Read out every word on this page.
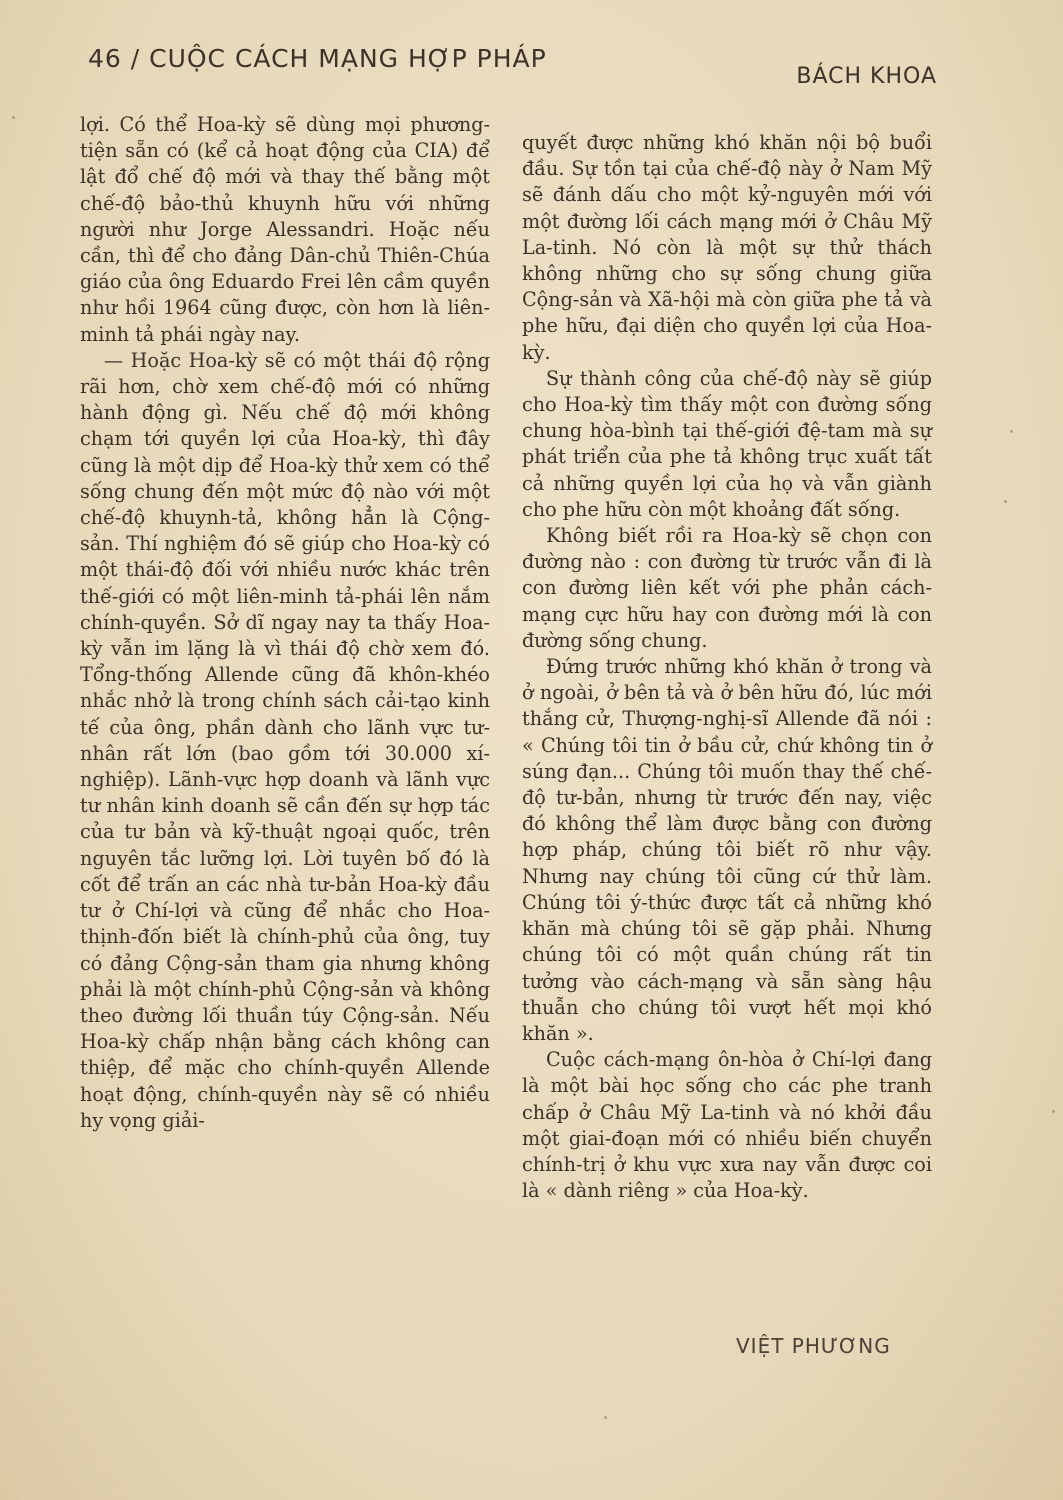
46 / CUỘC CÁCH MẠNG HỢP PHÁP
BÁCH KHOA

lợi. Có thể Hoa-kỳ sẽ dùng mọi phương-tiện sẵn có (kể cả hoạt động của CIA) để lật đổ chế độ mới và thay thế bằng một chế-độ bảo-thủ khuynh hữu với những người như Jorge Alessandri. Hoặc nếu cần, thì để cho đảng Dân-chủ Thiên-Chúa giáo của ông Eduardo Frei lên cầm quyền như hồi 1964 cũng được, còn hơn là liên-minh tả phái ngày nay.

— Hoặc Hoa-kỳ sẽ có một thái độ rộng rãi hơn, chờ xem chế-độ mới có những hành động gì. Nếu chế độ mới không chạm tới quyền lợi của Hoa-kỳ, thì đây cũng là một dịp để Hoa-kỳ thử xem có thể sống chung đến một mức độ nào với một chế-độ khuynh-tả, không hẳn là Cộng-sản. Thí nghiệm đó sẽ giúp cho Hoa-kỳ có một thái-độ đối với nhiều nước khác trên thế-giới có một liên-minh tả-phái lên nắm chính-quyền. Sở dĩ ngay nay ta thấy Hoa-kỳ vẫn im lặng là vì thái độ chờ xem đó. Tổng-thống Allende cũng đã khôn-khéo nhắc nhở là trong chính sách cải-tạo kinh tế của ông, phần dành cho lãnh vực tư-nhân rất lớn (bao gồm tới 30.000 xí-nghiệp). Lãnh-vực hợp doanh và lãnh vực tư nhân kinh doanh sẽ cần đến sự hợp tác của tư bản và kỹ-thuật ngoại quốc, trên nguyên tắc lưỡng lợi. Lời tuyên bố đó là cốt để trấn an các nhà tư-bản Hoa-kỳ đầu tư ở Chí-lợi và cũng để nhắc cho Hoa-thịnh-đốn biết là chính-phủ của ông, tuy có đảng Cộng-sản tham gia nhưng không phải là một chính-phủ Cộng-sản và không theo đường lối thuần túy Cộng-sản. Nếu Hoa-kỳ chấp nhận bằng cách không can thiệp, để mặc cho chính-quyền Allende hoạt động, chính-quyền này sẽ có nhiều hy vọng giải-

quyết được những khó khăn nội bộ buổi đầu. Sự tồn tại của chế-độ này ở Nam Mỹ sẽ đánh dấu cho một kỷ-nguyên mới với một đường lối cách mạng mới ở Châu Mỹ La-tinh. Nó còn là một sự thử thách không những cho sự sống chung giữa Cộng-sản và Xã-hội mà còn giữa phe tả và phe hữu, đại diện cho quyền lợi của Hoa-kỳ.

Sự thành công của chế-độ này sẽ giúp cho Hoa-kỳ tìm thấy một con đường sống chung hòa-bình tại thế-giới đệ-tam mà sự phát triển của phe tả không trục xuất tất cả những quyền lợi của họ và vẫn giành cho phe hữu còn một khoảng đất sống.

Không biết rồi ra Hoa-kỳ sẽ chọn con đường nào : con đường từ trước vẫn đi là con đường liên kết với phe phản cách-mạng cực hữu hay con đường mới là con đường sống chung.

Đứng trước những khó khăn ở trong và ở ngoài, ở bên tả và ở bên hữu đó, lúc mới thắng cử, Thượng-nghị-sĩ Allende đã nói : « Chúng tôi tin ở bầu cử, chứ không tin ở súng đạn... Chúng tôi muốn thay thế chế-độ tư-bản, nhưng từ trước đến nay, việc đó không thể làm được bằng con đường hợp pháp, chúng tôi biết rõ như vậy. Nhưng nay chúng tôi cũng cứ thử làm. Chúng tôi ý-thức được tất cả những khó khăn mà chúng tôi sẽ gặp phải. Nhưng chúng tôi có một quần chúng rất tin tưởng vào cách-mạng và sẵn sàng hậu thuẫn cho chúng tôi vượt hết mọi khó khăn ».

Cuộc cách-mạng ôn-hòa ở Chí-lợi đang là một bài học sống cho các phe tranh chấp ở Châu Mỹ La-tinh và nó khởi đầu một giai-đoạn mới có nhiều biến chuyển chính-trị ở khu vực xưa nay vẫn được coi là « dành riêng » của Hoa-kỳ.

VIỆT PHƯƠNG
